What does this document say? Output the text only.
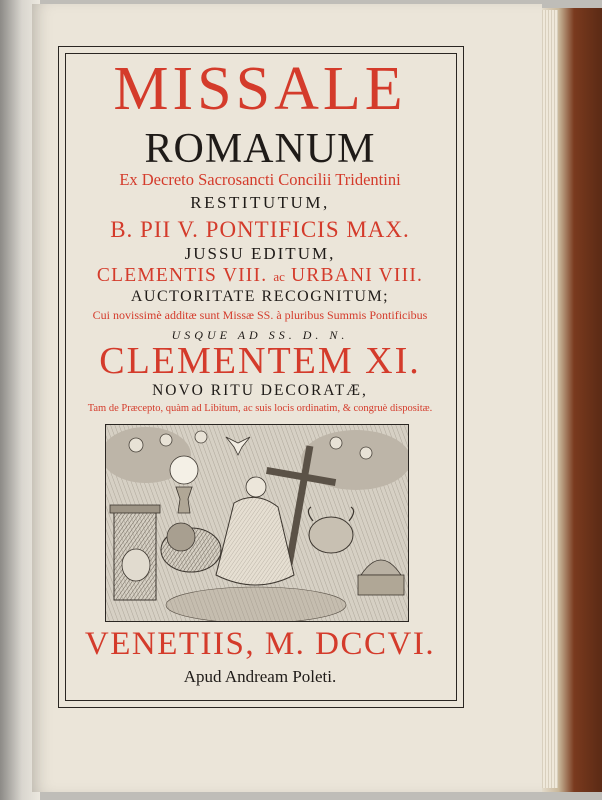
MISSALE
ROMANUM
Ex Decreto Sacrosancti Concilii Tridentini
RESTITUTUM,
B. PII V. PONTIFICIS MAX.
JUSSU EDITUM,
CLEMENTIS VIII. ac URBANI VIII.
AUCTORITATE RECOGNITUM;
Cui novissimè additæ sunt Missæ SS. à pluribus Summis Pontificibus
USQUE AD SS. D. N.
CLEMENTEM XI.
NOVO RITU DECORATÆ,
Tam de Præcepto, quàm ad Libitum, ac suis locis ordinatim, & congruè dispositæ.
VENETIIS, M. DCCVI.
Apud Andream Poleti.
